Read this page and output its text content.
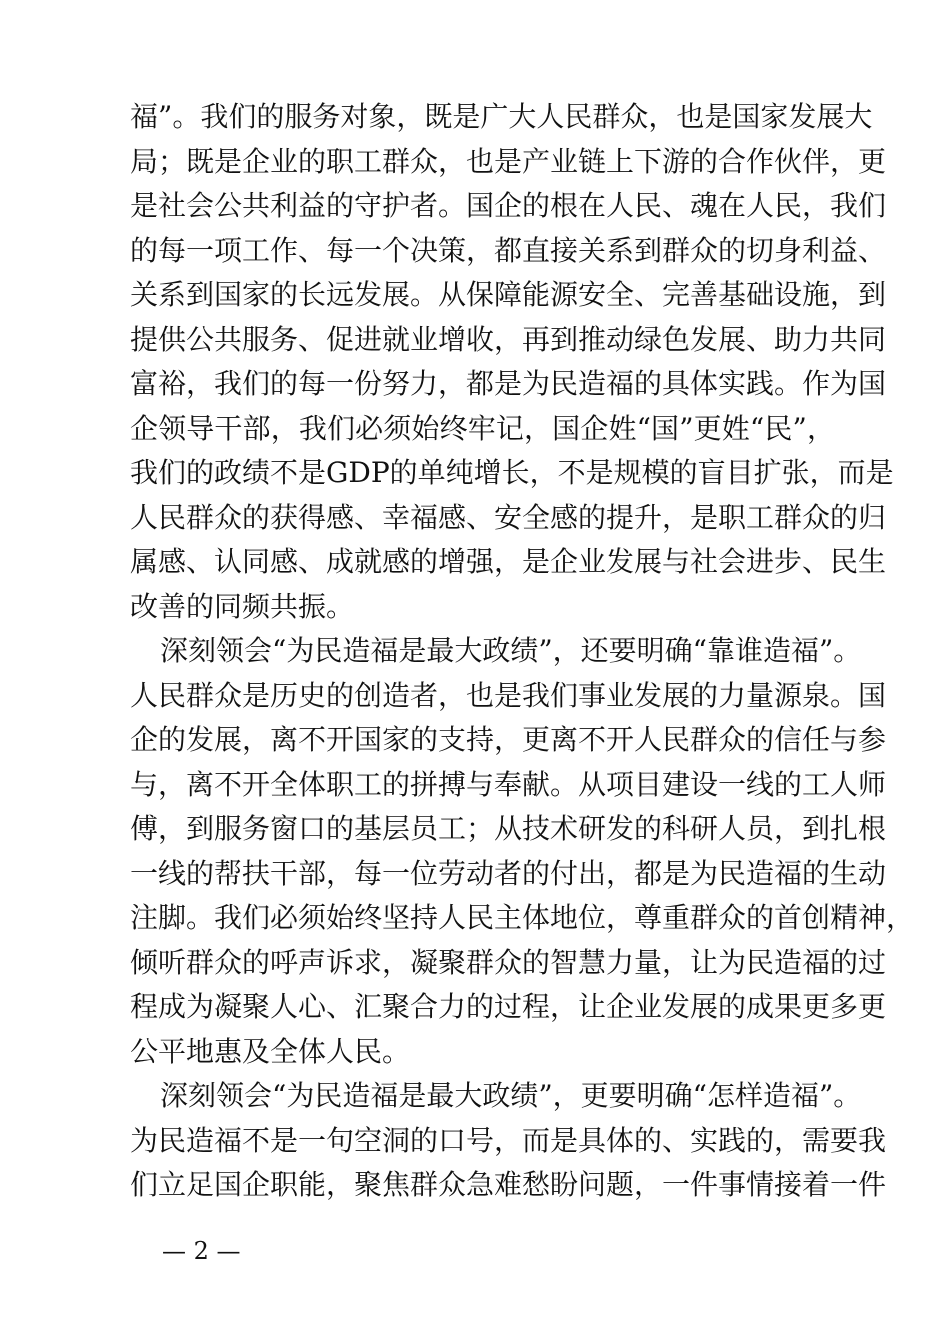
福”。我们的服务对象，既是广大人民群众，也是国家发展大
局；既是企业的职工群众，也是产业链上下游的合作伙伴，更
是社会公共利益的守护者。国企的根在人民、魂在人民，我们
的每一项工作、每一个决策，都直接关系到群众的切身利益、
关系到国家的长远发展。从保障能源安全、完善基础设施，到
提供公共服务、促进就业增收，再到推动绿色发展、助力共同
富裕，我们的每一份努力，都是为民造福的具体实践。作为国
企领导干部，我们必须始终牢记，国企姓“国”更姓“民”，
我们的政绩不是GDP的单纯增长，不是规模的盲目扩张，而是
人民群众的获得感、幸福感、安全感的提升，是职工群众的归
属感、认同感、成就感的增强，是企业发展与社会进步、民生
改善的同频共振。
深刻领会“为民造福是最大政绩”，还要明确“靠谁造福”。
人民群众是历史的创造者，也是我们事业发展的力量源泉。国
企的发展，离不开国家的支持，更离不开人民群众的信任与参
与，离不开全体职工的拼搏与奉献。从项目建设一线的工人师
傅，到服务窗口的基层员工；从技术研发的科研人员，到扎根
一线的帮扶干部，每一位劳动者的付出，都是为民造福的生动
注脚。我们必须始终坚持人民主体地位，尊重群众的首创精神，
倾听群众的呼声诉求，凝聚群众的智慧力量，让为民造福的过
程成为凝聚人心、汇聚合力的过程，让企业发展的成果更多更
公平地惠及全体人民。
深刻领会“为民造福是最大政绩”，更要明确“怎样造福”。
为民造福不是一句空洞的口号，而是具体的、实践的，需要我
们立足国企职能，聚焦群众急难愁盼问题，一件事情接着一件
— 2 —
